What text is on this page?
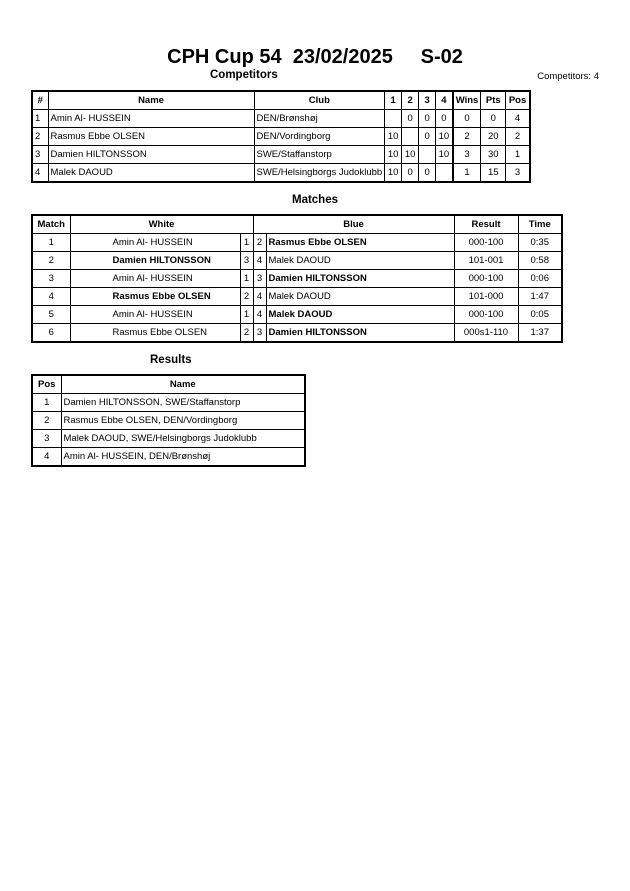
CPH Cup 54  23/02/2025     S-02
Competitors	Competitors: 4
#	Name	Club	1	2	3	4	Wins	Pts	Pos
1	Amin Al- HUSSEIN	DEN/Brønshøj		0	0	0	0	0	4
2	Rasmus Ebbe OLSEN	DEN/Vordingborg	10		0	10	2	20	2
3	Damien HILTONSSON	SWE/Staffanstorp	10	10		10	3	30	1
4	Malek DAOUD	SWE/Helsingborgs Judoklubb	10	0	0		1	15	3
Matches
Match	White		Blue		Result	Time
1	Amin Al- HUSSEIN	1	2	Rasmus Ebbe OLSEN	000-100	0:35
2	Damien HILTONSSON	3	4	Malek DAOUD	101-001	0:58
3	Amin Al- HUSSEIN	1	3	Damien HILTONSSON	000-100	0:06
4	Rasmus Ebbe OLSEN	2	4	Malek DAOUD	101-000	1:47
5	Amin Al- HUSSEIN	1	4	Malek DAOUD	000-100	0:05
6	Rasmus Ebbe OLSEN	2	3	Damien HILTONSSON	000s1-110	1:37
Results
Pos	Name
1	Damien HILTONSSON, SWE/Staffanstorp
2	Rasmus Ebbe OLSEN, DEN/Vordingborg
3	Malek DAOUD, SWE/Helsingborgs Judoklubb
4	Amin Al- HUSSEIN, DEN/Brønshøj
